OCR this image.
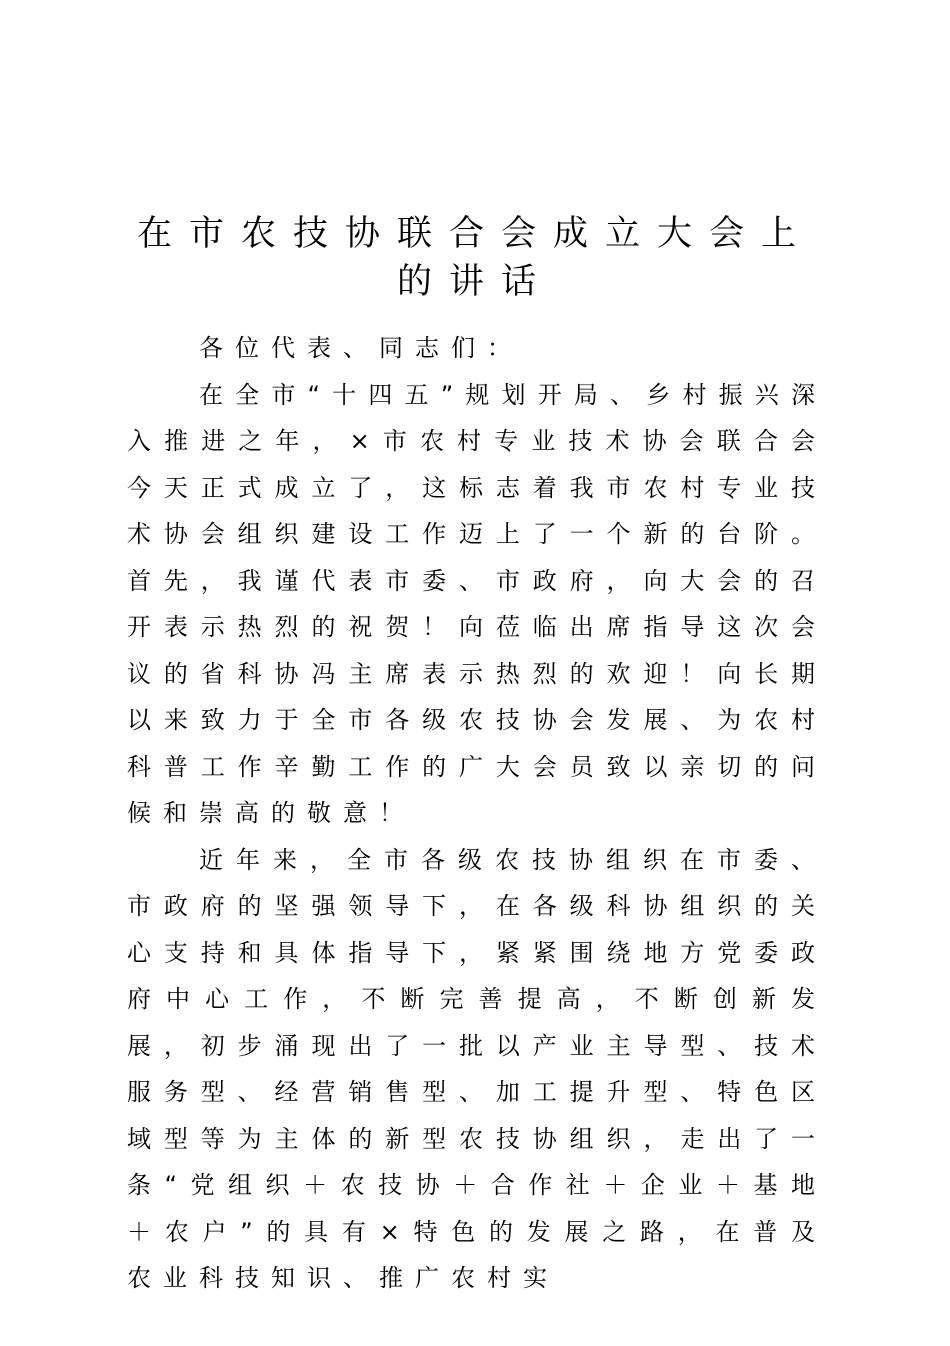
在市农技协联合会成立大会上
的讲话

各位代表、同志们：

在全市“十四五”规划开局、乡村振兴深入推进之年，×市农村专业技术协会联合会今天正式成立了，这标志着我市农村专业技术协会组织建设工作迈上了一个新的台阶。首先，我谨代表市委、市政府，向大会的召开表示热烈的祝贺！向莅临出席指导这次会议的省科协冯主席表示热烈的欢迎！向长期以来致力于全市各级农技协会发展、为农村科普工作辛勤工作的广大会员致以亲切的问候和崇高的敬意！

近年来，全市各级农技协组织在市委、市政府的坚强领导下，在各级科协组织的关心支持和具体指导下，紧紧围绕地方党委政府中心工作，不断完善提高，不断创新发展，初步涌现出了一批以产业主导型、技术服务型、经营销售型、加工提升型、特色区域型等为主体的新型农技协组织，走出了一条“党组织＋农技协＋合作社＋企业＋基地＋农户”的具有×特色的发展之路，在普及农业科技知识、推广农村实
